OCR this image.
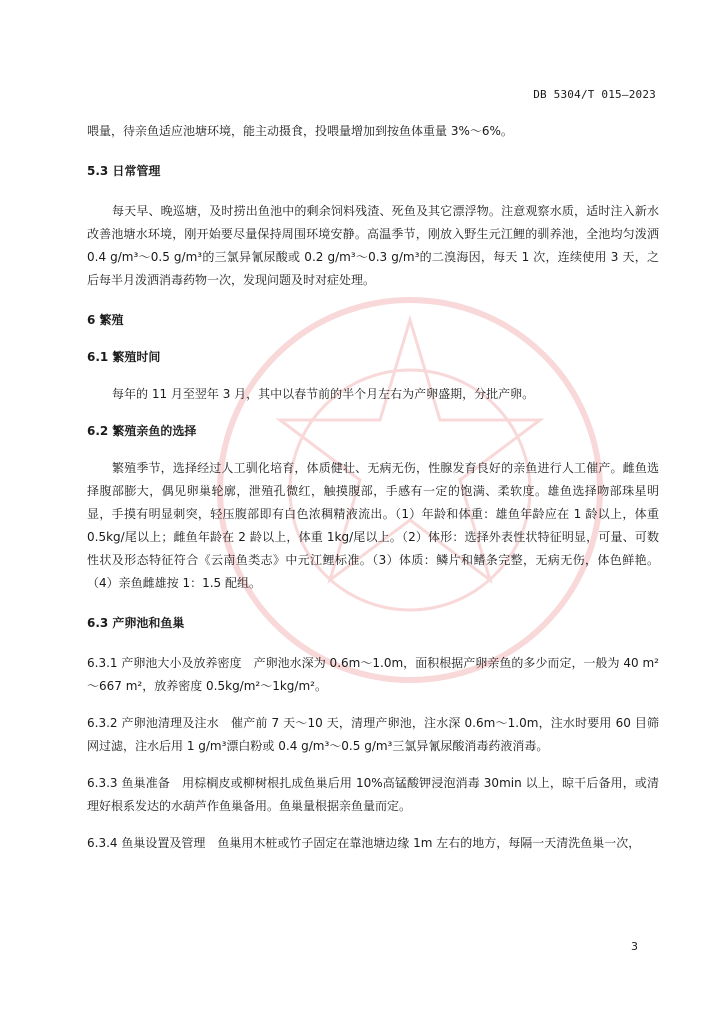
DB 5304/T 015—2023

喂量，待亲鱼适应池塘环境，能主动摄食，投喂量增加到按鱼体重量 3%～6%。

5.3 日常管理

每天早、晚巡塘，及时捞出鱼池中的剩余饲料残渣、死鱼及其它漂浮物。注意观察水质，适时注入新水改善池塘水环境，刚开始要尽量保持周围环境安静。高温季节，刚放入野生元江鲤的驯养池，全池均匀泼洒 0.4 g/m³～0.5 g/m³的三氯异氰尿酸或 0.2 g/m³～0.3 g/m³的二溴海因，每天 1 次，连续使用 3 天，之后每半月泼洒消毒药物一次，发现问题及时对症处理。

6 繁殖
6.1 繁殖时间

每年的 11 月至翌年 3 月，其中以春节前的半个月左右为产卵盛期，分批产卵。

6.2 繁殖亲鱼的选择

繁殖季节，选择经过人工驯化培育，体质健壮、无病无伤，性腺发育良好的亲鱼进行人工催产。雌鱼选择腹部膨大，偶见卵巢轮廓，泄殖孔微红，触摸腹部，手感有一定的饱满、柔软度。雄鱼选择吻部珠星明显，手摸有明显刺突，轻压腹部即有白色浓稠精液流出。（1）年龄和体重：雄鱼年龄应在 1 龄以上，体重 0.5kg/尾以上；雌鱼年龄在 2 龄以上，体重 1kg/尾以上。（2）体形：选择外表性状特征明显，可量、可数性状及形态特征符合《云南鱼类志》中元江鲤标准。（3）体质：鳞片和鳍条完整，无病无伤，体色鲜艳。（4）亲鱼雌雄按 1：1.5 配组。

6.3 产卵池和鱼巢

6.3.1 产卵池大小及放养密度　产卵池水深为 0.6m～1.0m，面积根据产卵亲鱼的多少而定，一般为 40 m²～667 m²，放养密度 0.5kg/m²～1kg/m²。

6.3.2 产卵池清理及注水　催产前 7 天～10 天，清理产卵池，注水深 0.6m～1.0m，注水时要用 60 目筛网过滤，注水后用 1 g/m³漂白粉或 0.4 g/m³～0.5 g/m³三氯异氰尿酸消毒药液消毒。

6.3.3 鱼巢准备　用棕榈皮或柳树根扎成鱼巢后用 10%高锰酸钾浸泡消毒 30min 以上，晾干后备用，或清理好根系发达的水葫芦作鱼巢备用。鱼巢量根据亲鱼量而定。

6.3.4 鱼巢设置及管理　鱼巢用木桩或竹子固定在靠池塘边缘 1m 左右的地方，每隔一天清洗鱼巢一次，

3
